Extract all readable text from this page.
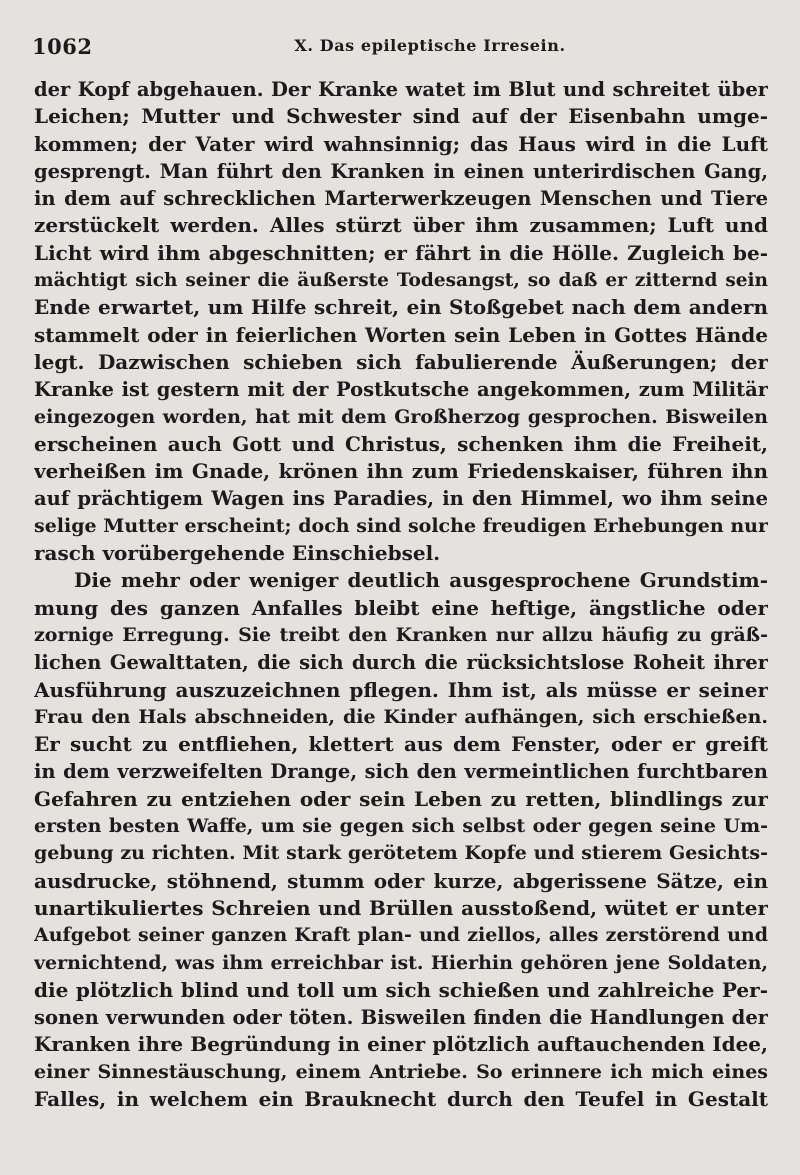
1062	X. Das epileptische Irresein.
der Kopf abgehauen. Der Kranke watet im Blut und schreitet über
Leichen; Mutter und Schwester sind auf der Eisenbahn umge-
kommen; der Vater wird wahnsinnig; das Haus wird in die Luft
gesprengt. Man führt den Kranken in einen unterirdischen Gang,
in dem auf schrecklichen Marterwerkzeugen Menschen und Tiere
zerstückelt werden. Alles stürzt über ihm zusammen; Luft und
Licht wird ihm abgeschnitten; er fährt in die Hölle. Zugleich be-
mächtigt sich seiner die äußerste Todesangst, so daß er zitternd sein
Ende erwartet, um Hilfe schreit, ein Stoßgebet nach dem andern
stammelt oder in feierlichen Worten sein Leben in Gottes Hände
legt. Dazwischen schieben sich fabulierende Äußerungen; der
Kranke ist gestern mit der Postkutsche angekommen, zum Militär
eingezogen worden, hat mit dem Großherzog gesprochen. Bisweilen
erscheinen auch Gott und Christus, schenken ihm die Freiheit,
verheißen im Gnade, krönen ihn zum Friedenskaiser, führen ihn
auf prächtigem Wagen ins Paradies, in den Himmel, wo ihm seine
selige Mutter erscheint; doch sind solche freudigen Erhebungen nur
rasch vorübergehende Einschiebsel.
Die mehr oder weniger deutlich ausgesprochene Grundstim-
mung des ganzen Anfalles bleibt eine heftige, ängstliche oder
zornige Erregung. Sie treibt den Kranken nur allzu häufig zu gräß-
lichen Gewalttaten, die sich durch die rücksichtslose Roheit ihrer
Ausführung auszuzeichnen pflegen. Ihm ist, als müsse er seiner
Frau den Hals abschneiden, die Kinder aufhängen, sich erschießen.
Er sucht zu entfliehen, klettert aus dem Fenster, oder er greift
in dem verzweifelten Drange, sich den vermeintlichen furchtbaren
Gefahren zu entziehen oder sein Leben zu retten, blindlings zur
ersten besten Waffe, um sie gegen sich selbst oder gegen seine Um-
gebung zu richten. Mit stark gerötetem Kopfe und stierem Gesichts-
ausdrucke, stöhnend, stumm oder kurze, abgerissene Sätze, ein
unartikuliertes Schreien und Brüllen ausstoßend, wütet er unter
Aufgebot seiner ganzen Kraft plan- und ziellos, alles zerstörend und
vernichtend, was ihm erreichbar ist. Hierhin gehören jene Soldaten,
die plötzlich blind und toll um sich schießen und zahlreiche Per-
sonen verwunden oder töten. Bisweilen finden die Handlungen der
Kranken ihre Begründung in einer plötzlich auftauchenden Idee,
einer Sinnestäuschung, einem Antriebe. So erinnere ich mich eines
Falles, in welchem ein Brauknecht durch den Teufel in Gestalt
